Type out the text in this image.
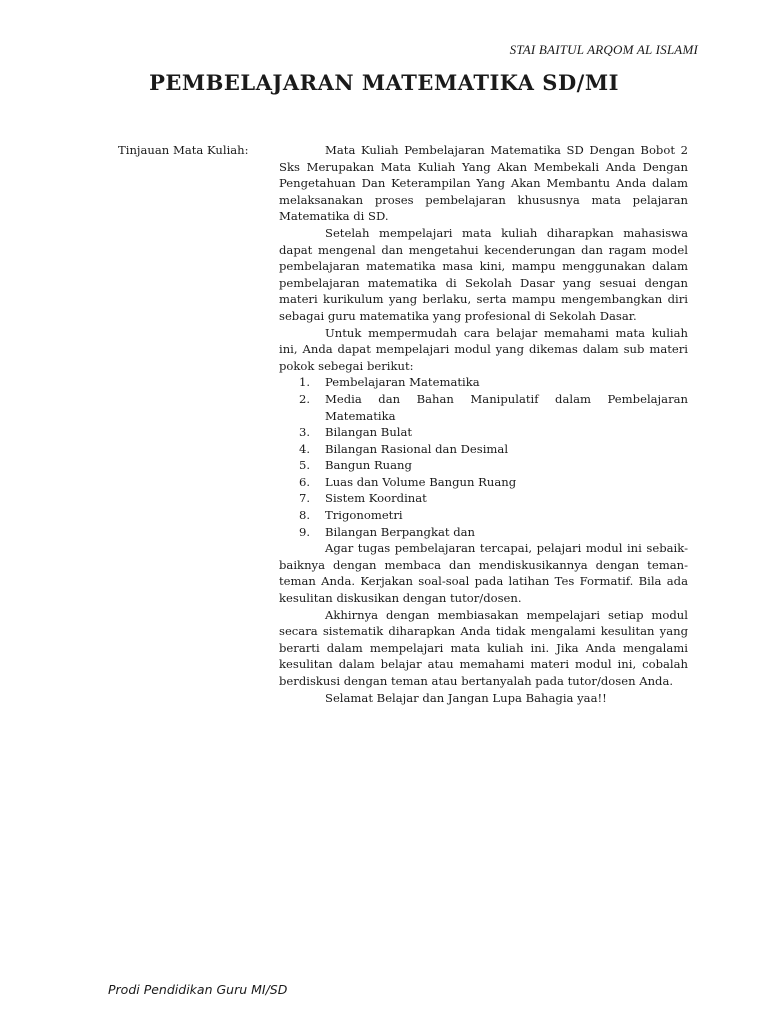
STAI BAITUL ARQOM AL ISLAMI
PEMBELAJARAN MATEMATIKA SD/MI
Tinjauan Mata Kuliah:	Mata Kuliah Pembelajaran Matematika SD Dengan Bobot 2 Sks Merupakan Mata Kuliah Yang Akan Membekali Anda Dengan Pengetahuan Dan Keterampilan Yang Akan Membantu Anda dalam melaksanakan proses pembelajaran khususnya mata pelajaran Matematika di SD.

Setelah mempelajari mata kuliah diharapkan mahasiswa dapat mengenal dan mengetahui kecenderungan dan ragam model pembelajaran matematika masa kini, mampu menggunakan dalam pembelajaran matematika di Sekolah Dasar yang sesuai dengan materi kurikulum yang berlaku, serta mampu mengembangkan diri sebagai guru matematika yang profesional di Sekolah Dasar.

Untuk mempermudah cara belajar memahami mata kuliah ini, Anda dapat mempelajari modul yang dikemas dalam sub materi pokok sebegai berikut:

1.	Pembelajaran Matematika
2.	Media dan Bahan Manipulatif dalam Pembelajaran Matematika
3.	Bilangan Bulat
4.	Bilangan Rasional dan Desimal
5.	Bangun Ruang
6.	Luas dan Volume Bangun Ruang
7.	Sistem Koordinat
8.	Trigonometri
9.	Bilangan Berpangkat dan

Agar tugas pembelajaran tercapai, pelajari modul ini sebaik-baiknya dengan membaca dan mendiskusikannya dengan teman-teman Anda. Kerjakan soal-soal pada latihan Tes Formatif. Bila ada kesulitan diskusikan dengan tutor/dosen.

Akhirnya dengan membiasakan mempelajari setiap modul secara sistematik diharapkan Anda tidak mengalami kesulitan yang berarti dalam mempelajari mata kuliah ini. Jika Anda mengalami kesulitan dalam belajar atau memahami materi modul ini, cobalah berdiskusi dengan teman atau bertanyalah pada tutor/dosen Anda.

Selamat Belajar dan Jangan Lupa Bahagia yaa!!

Prodi Pendidikan Guru MI/SD
